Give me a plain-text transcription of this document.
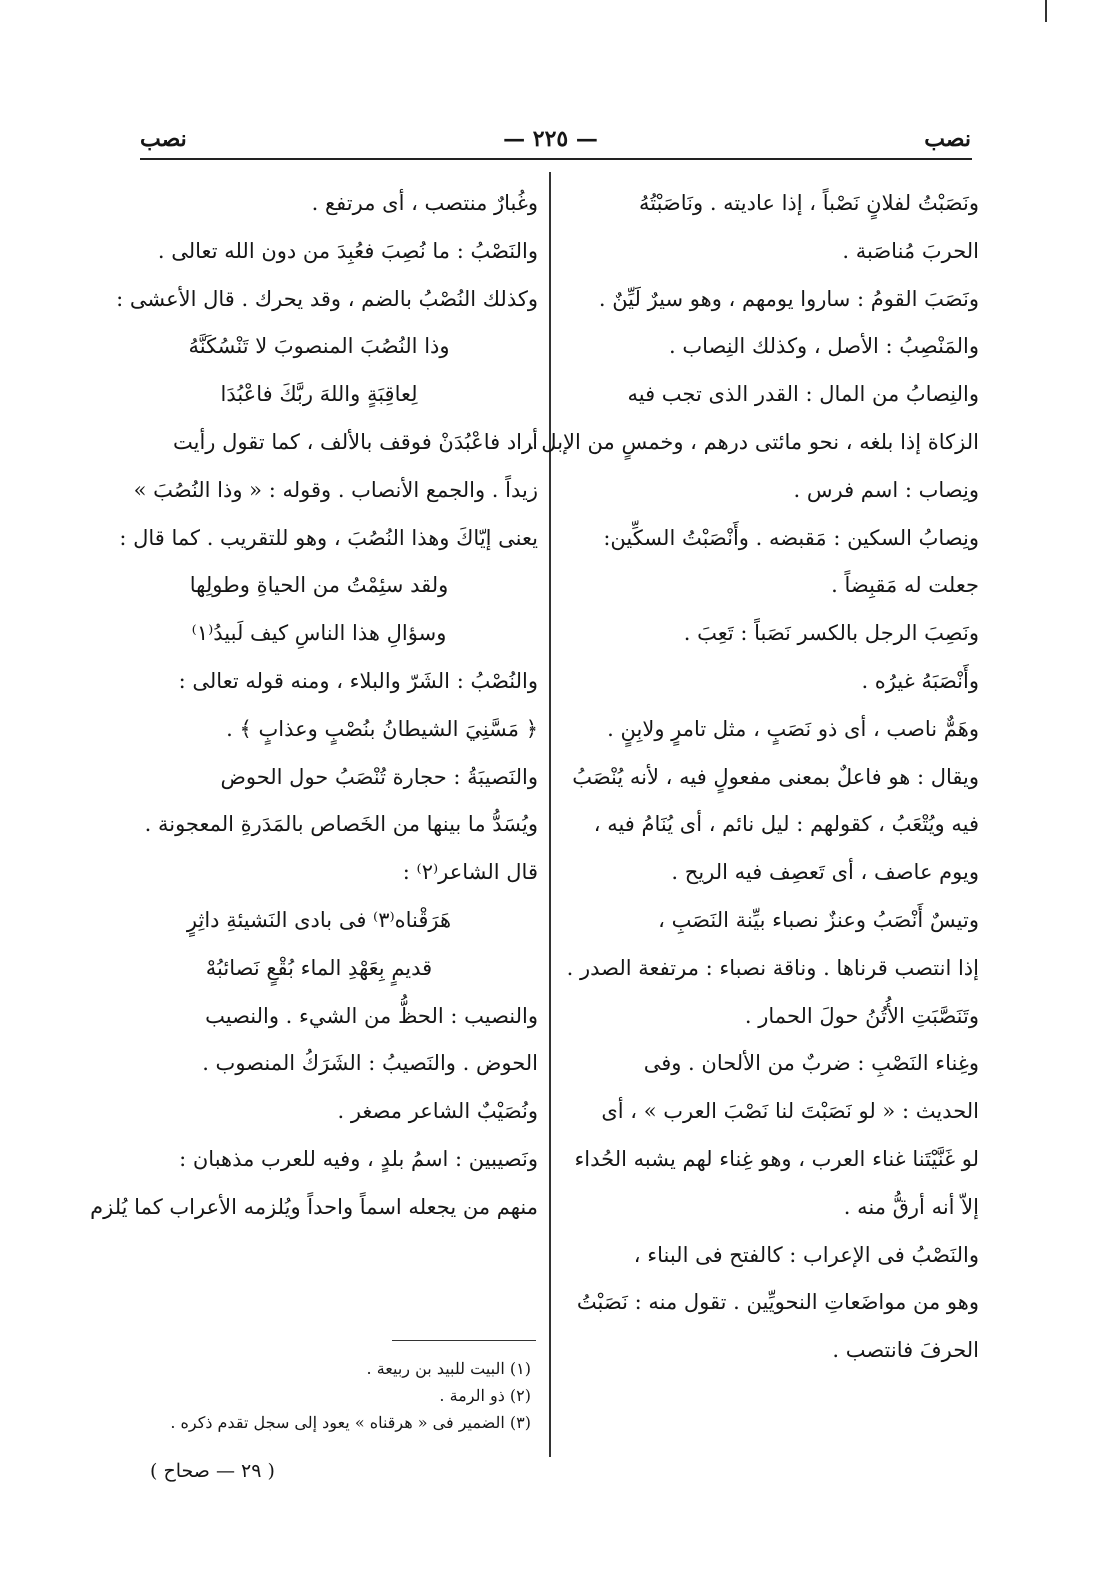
نصب
— ٢٢٥ —
نصب
ونَصَبْتُ لفلانٍ نَصْباً ، إذا عاديته . ونَاصَبْتُهُ
الحربَ مُناصَبة .
ونَصَبَ القومُ : ساروا يومهم ، وهو سيرٌ لَيِّنٌ .
والمَنْصِبُ : الأصل ، وكذلك النِصاب .
والنِصابُ من المال : القدر الذى تجب فيه
الزكاة إذا بلغه ، نحو مائتى درهم ، وخمسٍ من الإبل .
ونِصاب : اسم فرس .
ونِصابُ السكين : مَقبضه . وأَنْصَبْتُ السكِّين:
جعلت له مَقبِضاً .
ونَصِبَ الرجل بالكسر نَصَباً : تَعِبَ .
وأَنْصَبَهُ غيرُه .
وهَمٌّ ناصب ، أى ذو نَصَبٍ ، مثل تامرٍ ولابِنٍ .
ويقال : هو فاعلٌ بمعنى مفعولٍ فيه ، لأنه يُنْصَبُ
فيه ويُتْعَبُ ، كقولهم : ليل نائم ، أى يُنَامُ فيه ،
ويوم عاصف ، أى تَعصِف فيه الريح .
وتيسٌ أَنْصَبُ وعنزٌ نصباء بيِّنة النَصَبِ ،
إذا انتصب قرناها . وناقة نصباء : مرتفعة الصدر .
وتَنَصَّبَتِ الأُتُنُ حولَ الحمار .
وغِناء النَصْبِ : ضربٌ من الألحان . وفى
الحديث : « لو نَصَبْتَ لنا نَصْبَ العرب » ، أى
لو غَنَّيْتَنا غناء العرب ، وهو غِناء لهم يشبه الحُداء
إلاّ أنه أرقُّ منه .
والنَصْبُ فى الإعراب : كالفتح فى البناء ،
وهو من مواضَعاتِ النحويِّين . تقول منه : نَصَبْتُ
الحرفَ فانتصب .
وغُبارٌ منتصب ، أى مرتفع .
والنَصْبُ : ما نُصِبَ فعُبِدَ من دون الله تعالى .
وكذلك النُصْبُ بالضم ، وقد يحرك . قال الأعشى :
وذا النُصُبَ المنصوبَ لا تَنْسُكَنَّهُ
لِعاقِبَةٍ واللهَ ربَّكَ فاعْبُدَا
أراد فاعْبُدَنْ فوقف بالألف ، كما تقول رأيت
زيداً . والجمع الأنصاب . وقوله : « وذا النُصُبَ »
يعنى إيّاكَ وهذا النُصُبَ ، وهو للتقريب . كما قال :
ولقد سئِمْتُ من الحياةِ وطولِها
وسؤالِ هذا الناسِ كيف لَبيدُ⁽١⁾
والنُصْبُ : الشَرّ والبلاء ، ومنه قوله تعالى :
﴿ مَسَّنِيَ الشيطانُ بنُصْبٍ وعذابٍ ﴾ .
والنَصيبَةُ : حجارة تُنْصَبُ حول الحوض
ويُسَدُّ ما بينها من الخَصاص بالمَدَرةِ المعجونة .
قال الشاعر⁽٢⁾ :
هَرَقْناه⁽٣⁾ فى بادى النَشيئةِ داثِرٍ
قديمٍ بِعَهْدِ الماء بُقْعٍ نَصائبُهْ
والنصيب : الحظُّ من الشيء . والنصيب
الحوض . والنَصيبُ : الشَرَكُ المنصوب .
ونُصَيْبٌ الشاعر مصغر .
ونَصيبين : اسمُ بلدٍ ، وفيه للعرب مذهبان :
منهم من يجعله اسماً واحداً ويُلزمه الأعراب كما يُلزم
(١) البيت للبيد بن ربيعة .
(٢) ذو الرمة .
(٣) الضمير فى « هرقناه » يعود إلى سجل تقدم ذكره .
( ٢٩ — صحاح )
